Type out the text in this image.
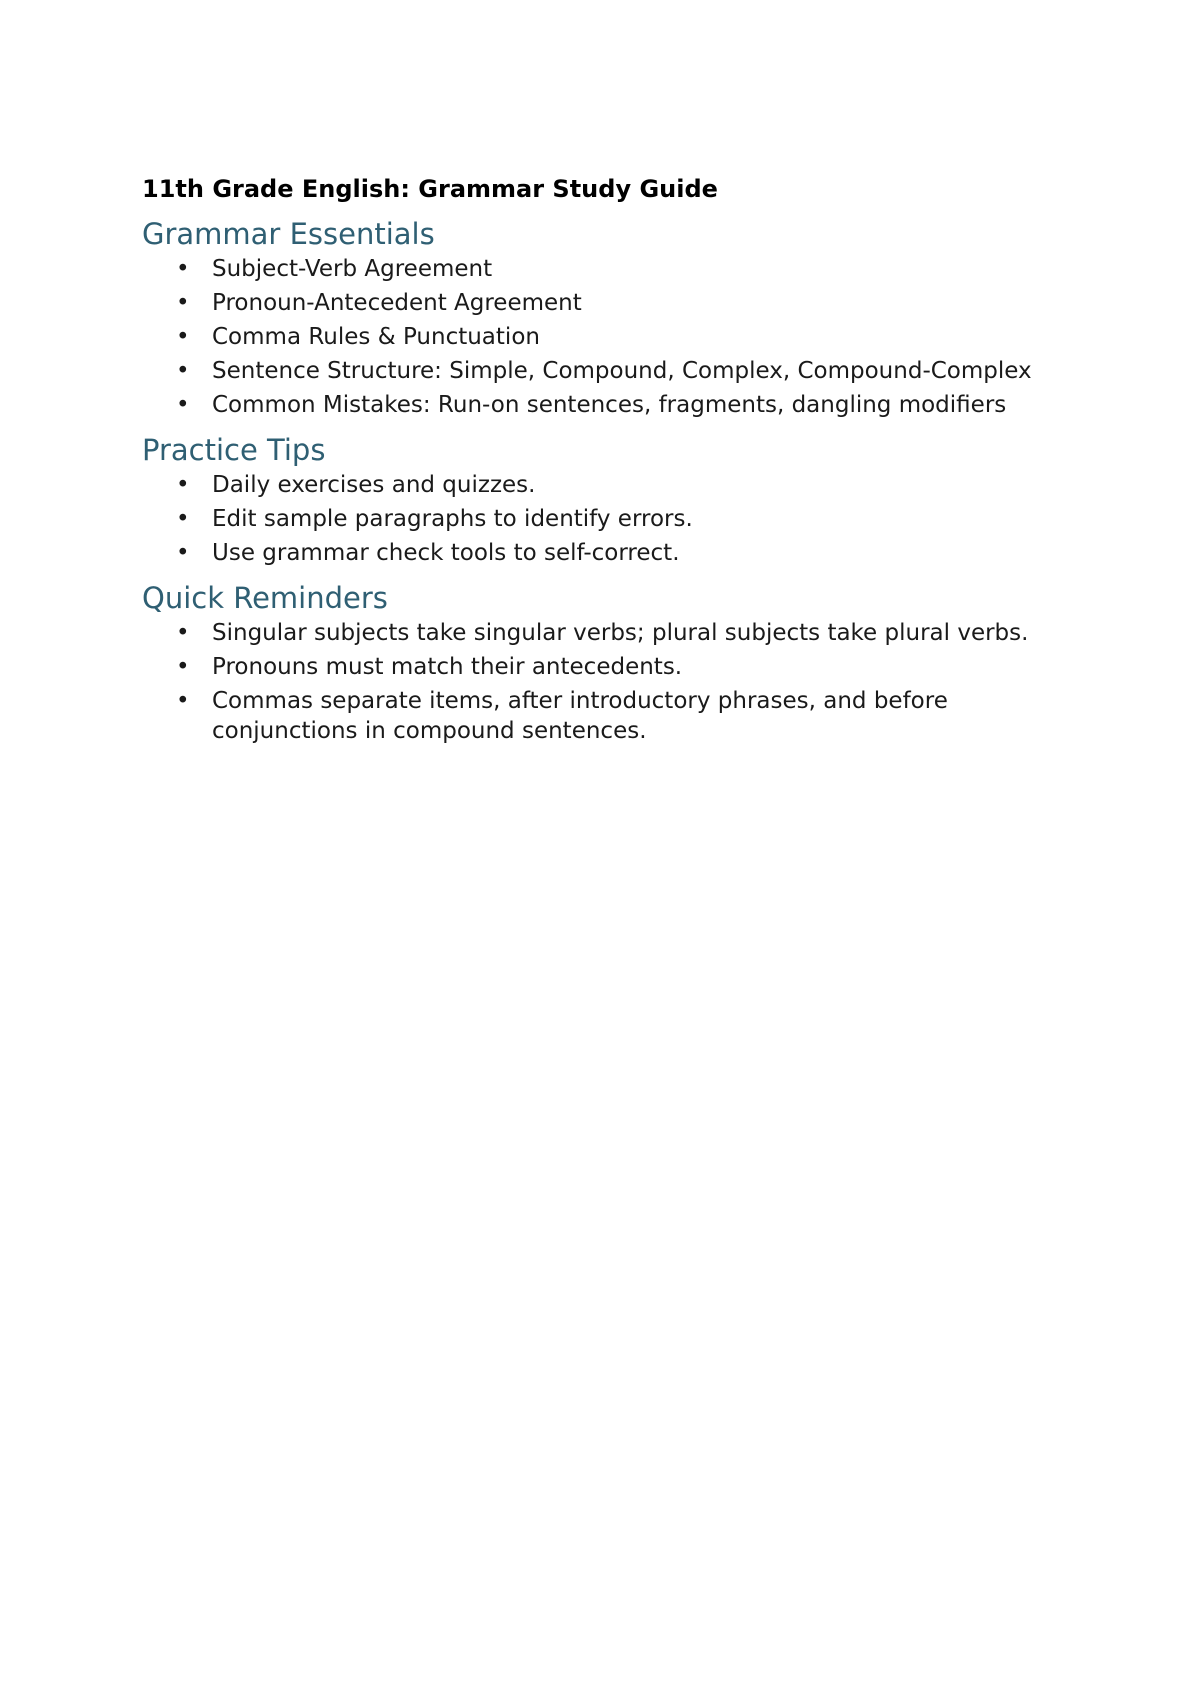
11th Grade English: Grammar Study Guide
Grammar Essentials
• Subject-Verb Agreement
• Pronoun-Antecedent Agreement
• Comma Rules & Punctuation
• Sentence Structure: Simple, Compound, Complex, Compound-Complex
• Common Mistakes: Run-on sentences, fragments, dangling modifiers
Practice Tips
• Daily exercises and quizzes.
• Edit sample paragraphs to identify errors.
• Use grammar check tools to self-correct.
Quick Reminders
• Singular subjects take singular verbs; plural subjects take plural verbs.
• Pronouns must match their antecedents.
• Commas separate items, after introductory phrases, and before conjunctions in compound sentences.
